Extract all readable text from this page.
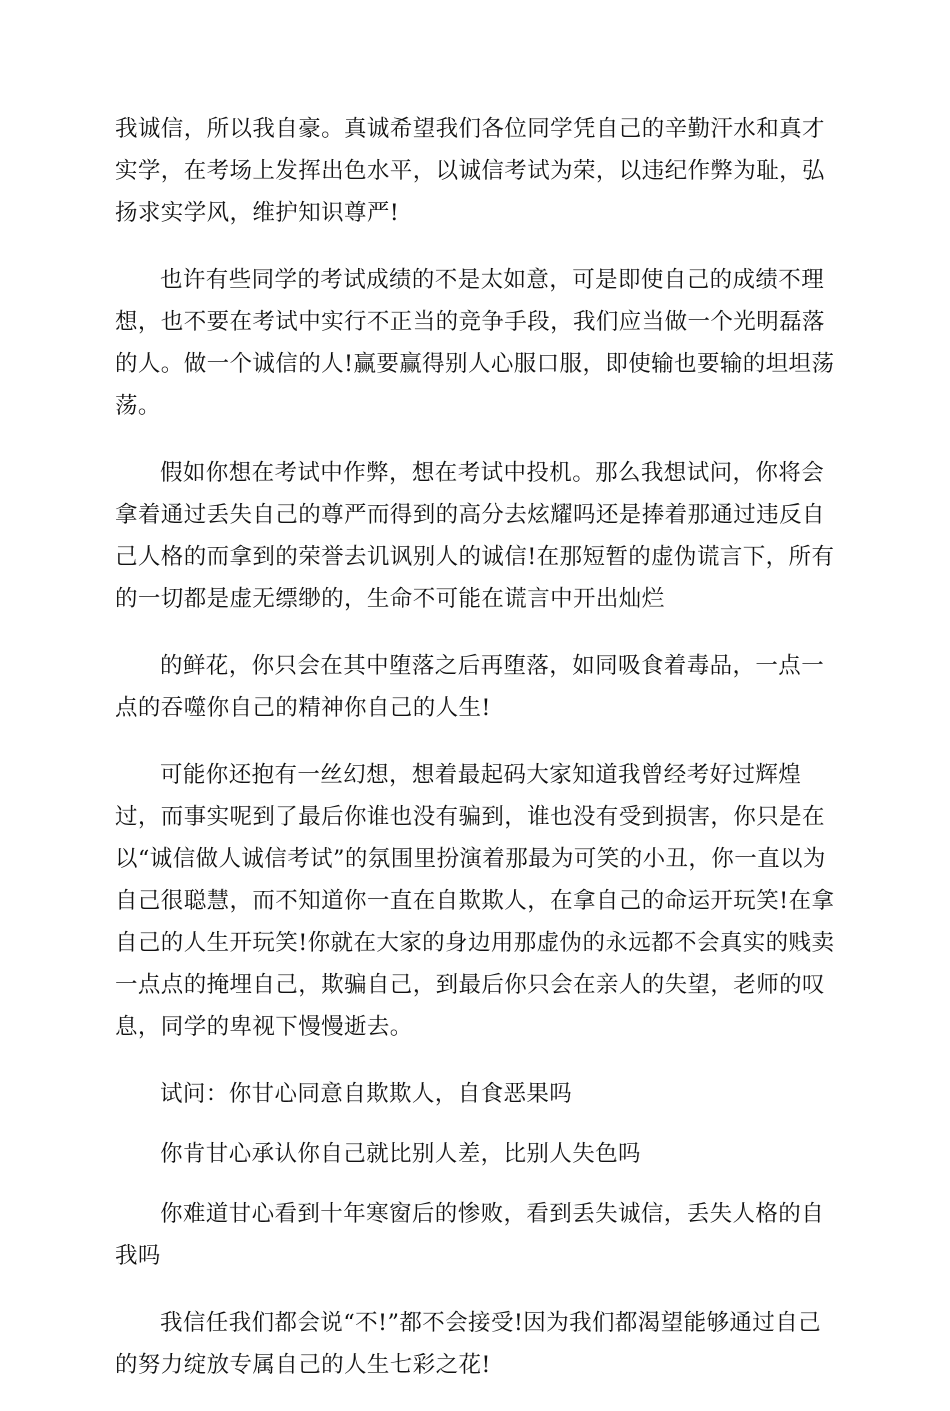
我诚信，所以我自豪。真诚希望我们各位同学凭自己的辛勤汗水和真才实学，在考场上发挥出色水平，以诚信考试为荣，以违纪作弊为耻，弘扬求实学风，维护知识尊严!

也许有些同学的考试成绩的不是太如意，可是即使自己的成绩不理想，也不要在考试中实行不正当的竞争手段，我们应当做一个光明磊落的人。做一个诚信的人!赢要赢得别人心服口服，即使输也要输的坦坦荡荡。

假如你想在考试中作弊，想在考试中投机。那么我想试问，你将会拿着通过丢失自己的尊严而得到的高分去炫耀吗还是捧着那通过违反自己人格的而拿到的荣誉去讥讽别人的诚信!在那短暂的虚伪谎言下，所有的一切都是虚无缥缈的，生命不可能在谎言中开出灿烂

的鲜花，你只会在其中堕落之后再堕落，如同吸食着毒品，一点一点的吞噬你自己的精神你自己的人生!

可能你还抱有一丝幻想，想着最起码大家知道我曾经考好过辉煌过，而事实呢到了最后你谁也没有骗到，谁也没有受到损害，你只是在以“诚信做人诚信考试”的氛围里扮演着那最为可笑的小丑，你一直以为自己很聪慧，而不知道你一直在自欺欺人，在拿自己的命运开玩笑!在拿自己的人生开玩笑!你就在大家的身边用那虚伪的永远都不会真实的贱卖一点点的掩埋自己，欺骗自己，到最后你只会在亲人的失望，老师的叹息，同学的卑视下慢慢逝去。

试问：你甘心同意自欺欺人，自食恶果吗

你肯甘心承认你自己就比别人差，比别人失色吗

你难道甘心看到十年寒窗后的惨败，看到丢失诚信，丢失人格的自我吗

我信任我们都会说“不!”都不会接受!因为我们都渴望能够通过自己的努力绽放专属自己的人生七彩之花!
